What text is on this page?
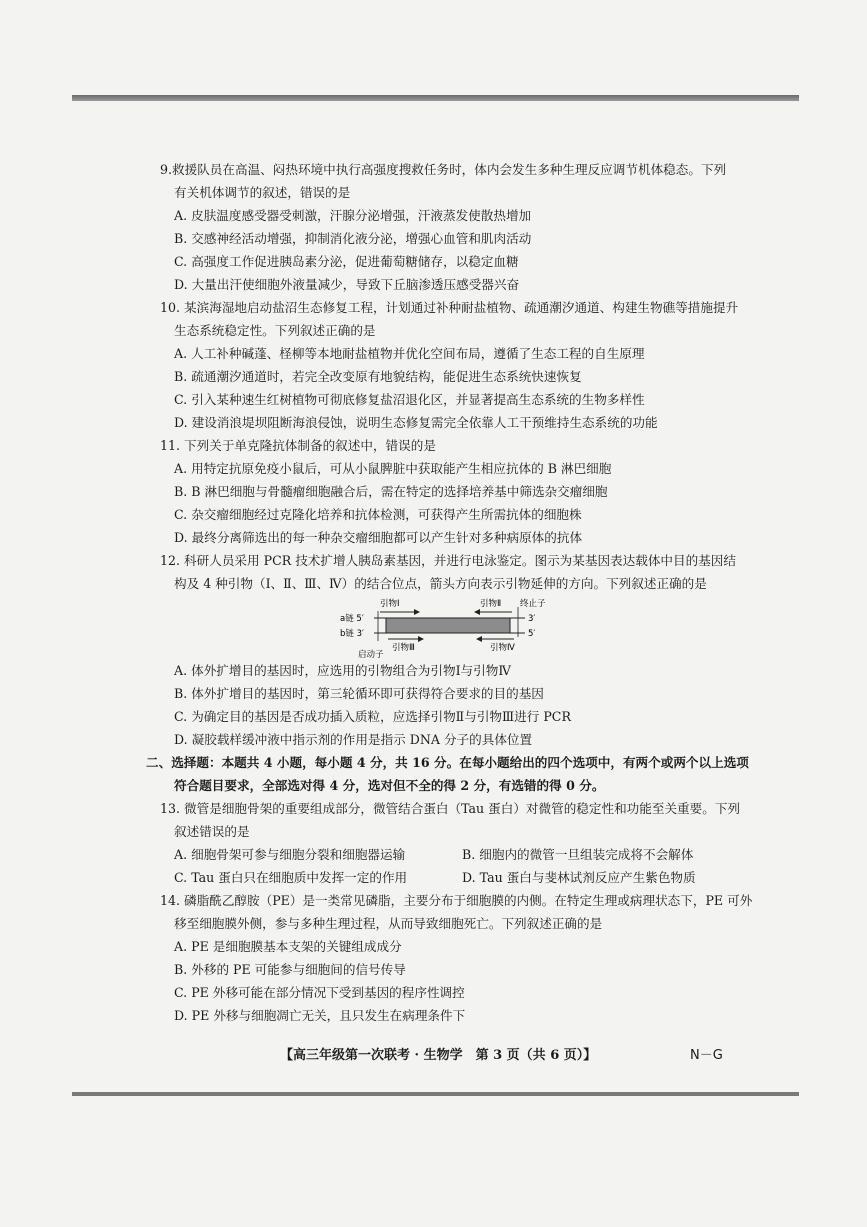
9.救援队员在高温、闷热环境中执行高强度搜救任务时，体内会发生多种生理反应调节机体稳态。下列
有关机体调节的叙述，错误的是
A. 皮肤温度感受器受刺激，汗腺分泌增强，汗液蒸发使散热增加
B. 交感神经活动增强，抑制消化液分泌，增强心血管和肌肉活动
C. 高强度工作促进胰岛素分泌，促进葡萄糖储存，以稳定血糖
D. 大量出汗使细胞外液量减少，导致下丘脑渗透压感受器兴奋
10. 某滨海湿地启动盐沼生态修复工程，计划通过补种耐盐植物、疏通潮汐通道、构建生物礁等措施提升
生态系统稳定性。下列叙述正确的是
A. 人工补种碱蓬、柽柳等本地耐盐植物并优化空间布局，遵循了生态工程的自生原理
B. 疏通潮汐通道时，若完全改变原有地貌结构，能促进生态系统快速恢复
C. 引入某种速生红树植物可彻底修复盐沼退化区，并显著提高生态系统的生物多样性
D. 建设消浪堤坝阻断海浪侵蚀，说明生态修复需完全依靠人工干预维持生态系统的功能
11. 下列关于单克隆抗体制备的叙述中，错误的是
A. 用特定抗原免疫小鼠后，可从小鼠脾脏中获取能产生相应抗体的 B 淋巴细胞
B. B 淋巴细胞与骨髓瘤细胞融合后，需在特定的选择培养基中筛选杂交瘤细胞
C. 杂交瘤细胞经过克隆化培养和抗体检测，可获得产生所需抗体的细胞株
D. 最终分离筛选出的每一种杂交瘤细胞都可以产生针对多种病原体的抗体
12. 科研人员采用 PCR 技术扩增人胰岛素基因，并进行电泳鉴定。图示为某基因表达载体中目的基因结
构及 4 种引物（Ⅰ、Ⅱ、Ⅲ、Ⅳ）的结合位点，箭头方向表示引物延伸的方向。下列叙述正确的是
a链 5′
b链 3′
3′
5′
引物Ⅰ	引物Ⅱ 终止子
引物Ⅲ	引物Ⅳ
启动子
A. 体外扩增目的基因时，应选用的引物组合为引物Ⅰ与引物Ⅳ
B. 体外扩增目的基因时，第三轮循环即可获得符合要求的目的基因
C. 为确定目的基因是否成功插入质粒，应选择引物Ⅱ与引物Ⅲ进行 PCR
D. 凝胶载样缓冲液中指示剂的作用是指示 DNA 分子的具体位置
二、选择题：本题共 4 小题，每小题 4 分，共 16 分。在每小题给出的四个选项中，有两个或两个以上选项
符合题目要求，全部选对得 4 分，选对但不全的得 2 分，有选错的得 0 分。
13. 微管是细胞骨架的重要组成部分，微管结合蛋白（Tau 蛋白）对微管的稳定性和功能至关重要。下列
叙述错误的是
A. 细胞骨架可参与细胞分裂和细胞器运输	B. 细胞内的微管一旦组装完成将不会解体
C. Tau 蛋白只在细胞质中发挥一定的作用	D. Tau 蛋白与斐林试剂反应产生紫色物质
14. 磷脂酰乙醇胺（PE）是一类常见磷脂，主要分布于细胞膜的内侧。在特定生理或病理状态下，PE 可外
移至细胞膜外侧，参与多种生理过程，从而导致细胞死亡。下列叙述正确的是
A. PE 是细胞膜基本支架的关键组成成分
B. 外移的 PE 可能参与细胞间的信号传导
C. PE 外移可能在部分情况下受到基因的程序性调控
D. PE 外移与细胞凋亡无关，且只发生在病理条件下
【高三年级第一次联考 · 生物学　第 3 页（共 6 页）】	N－G
